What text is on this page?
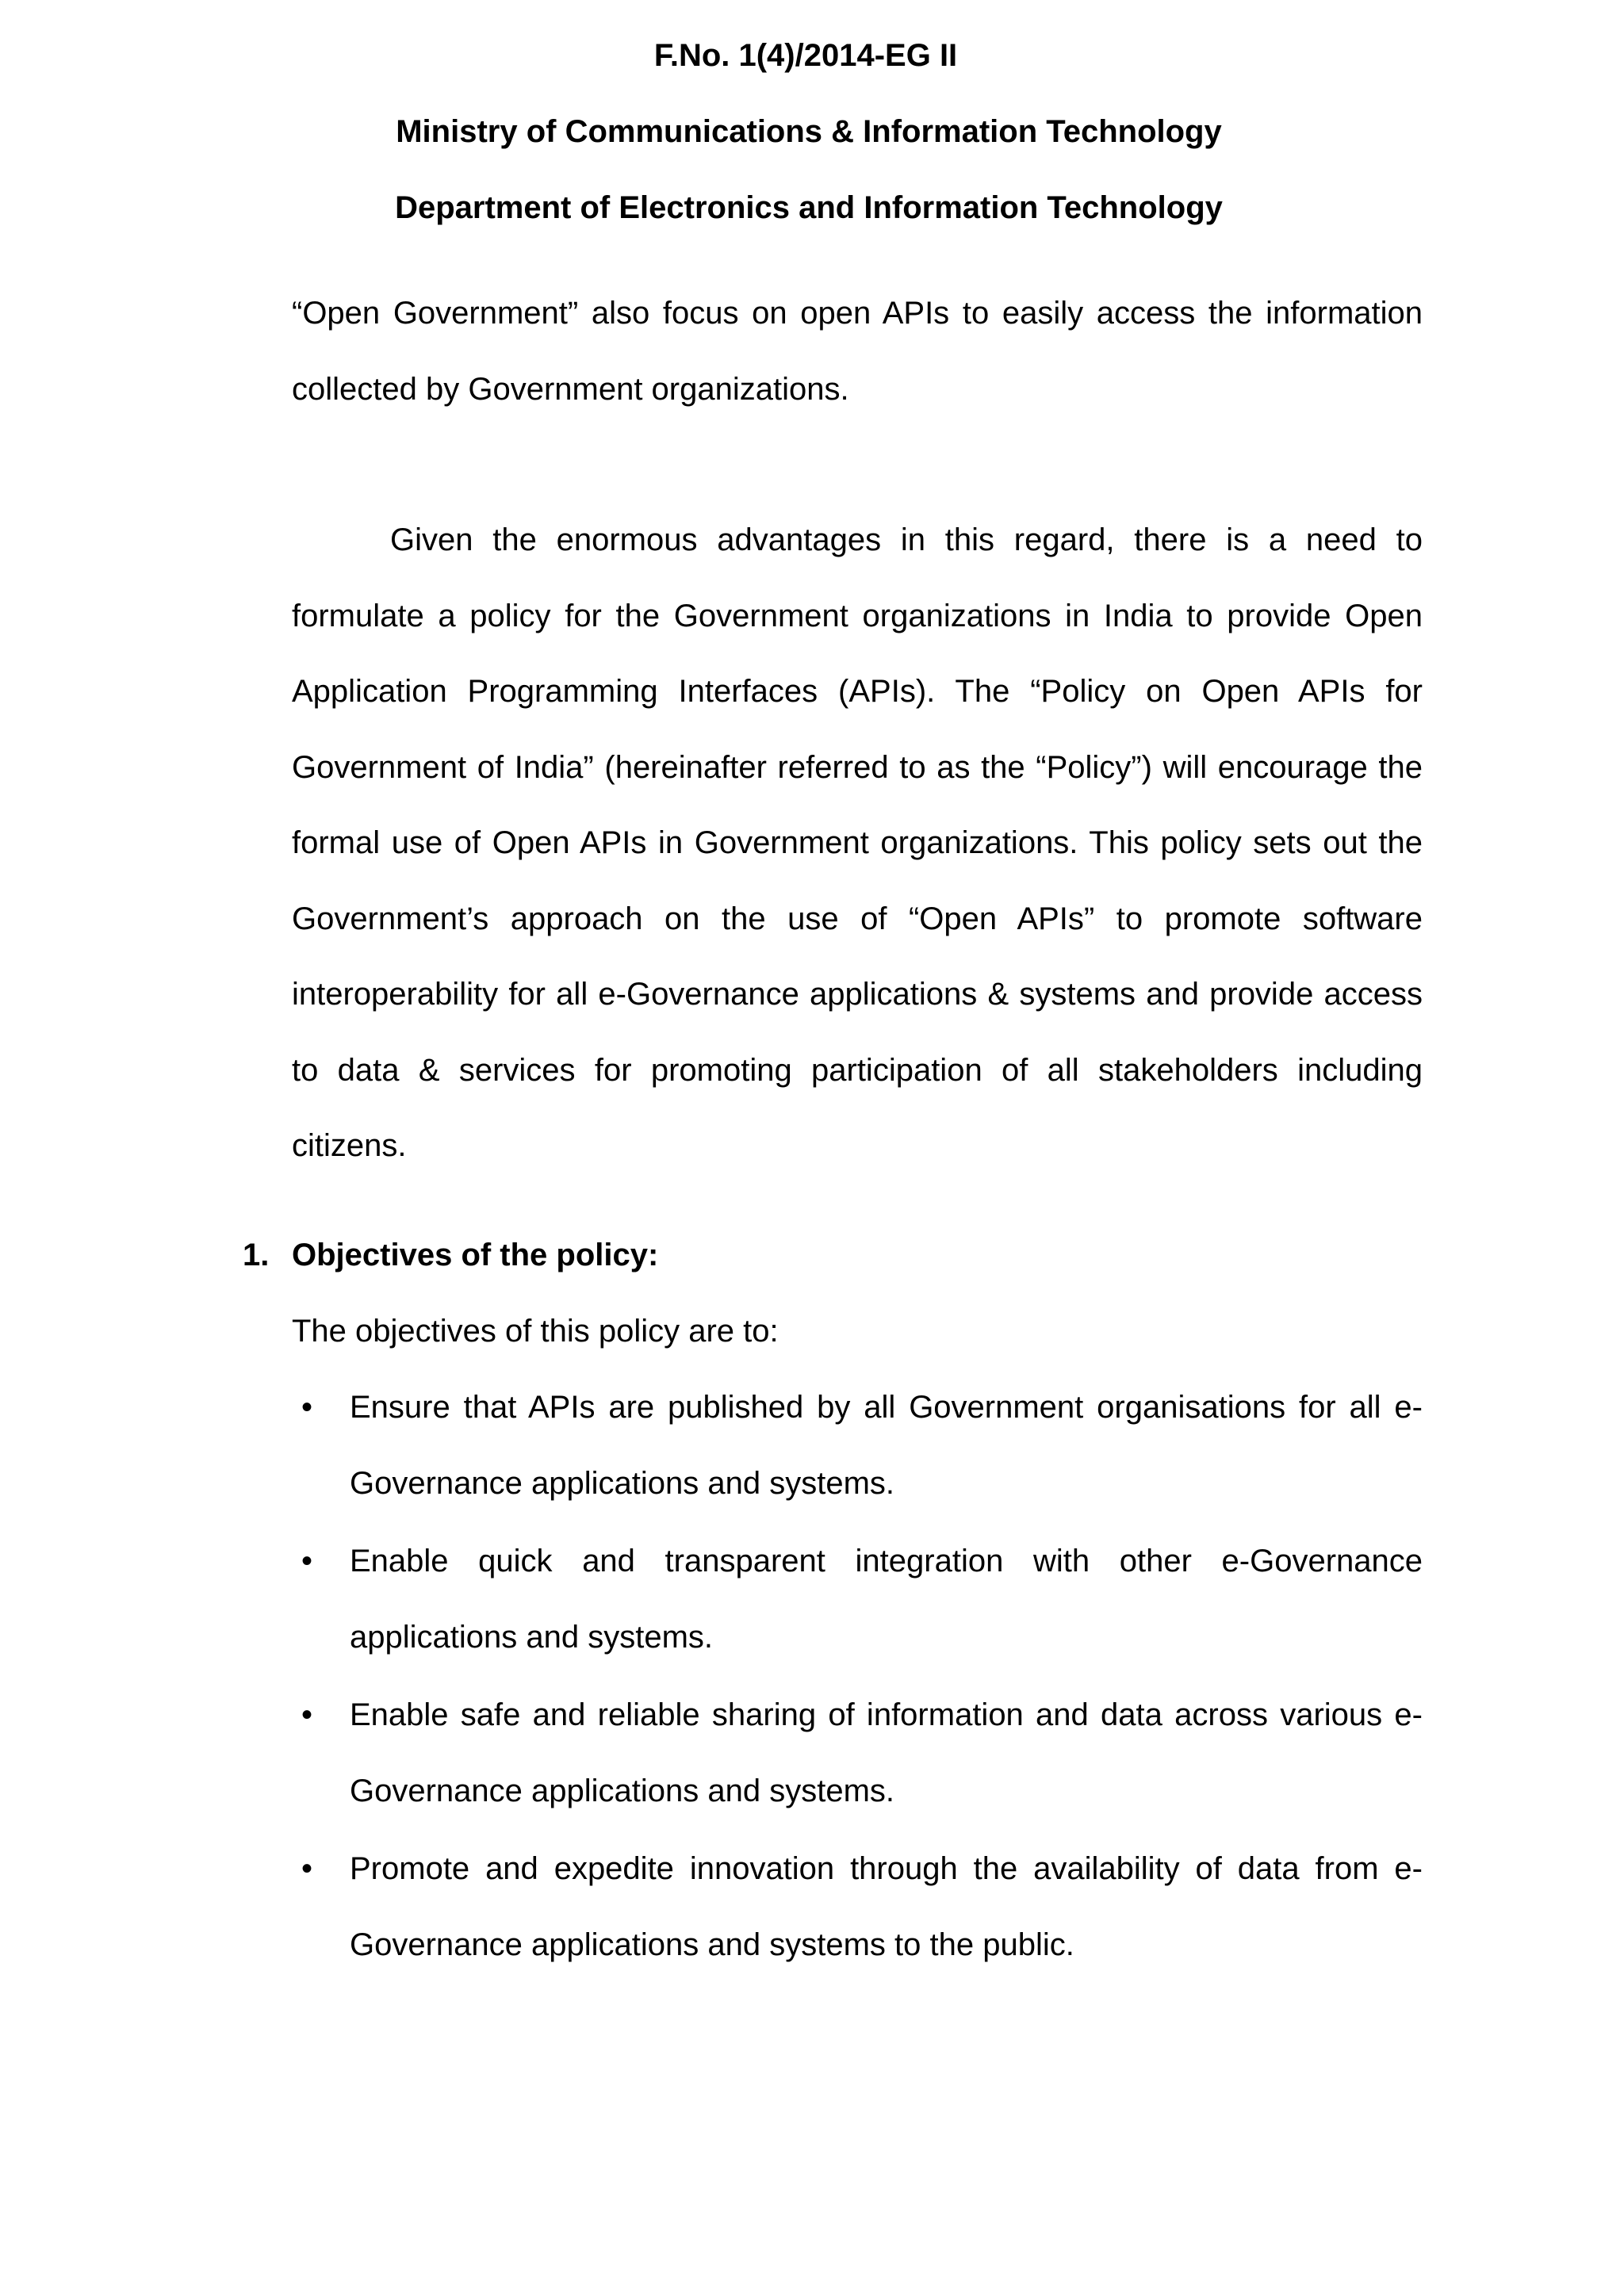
F.No. 1(4)/2014-EG II
Ministry of Communications & Information Technology
Department of Electronics and Information Technology

“Open Government” also focus on open APIs to easily access the information collected by Government organizations.

Given the enormous advantages in this regard, there is a need to formulate a policy for the Government organizations in India to provide Open Application Programming Interfaces (APIs). The “Policy on Open APIs for Government of India” (hereinafter referred to as the “Policy”) will encourage the formal use of Open APIs in Government organizations. This policy sets out the Government’s approach on the use of “Open APIs” to promote software interoperability for all e-Governance applications & systems and provide access to data & services for promoting participation of all stakeholders including citizens.

1. Objectives of the policy:
The objectives of this policy are to:
• Ensure that APIs are published by all Government organisations for all e-Governance applications and systems.
• Enable quick and transparent integration with other e-Governance applications and systems.
• Enable safe and reliable sharing of information and data across various e-Governance applications and systems.
• Promote and expedite innovation through the availability of data from e-Governance applications and systems to the public.
